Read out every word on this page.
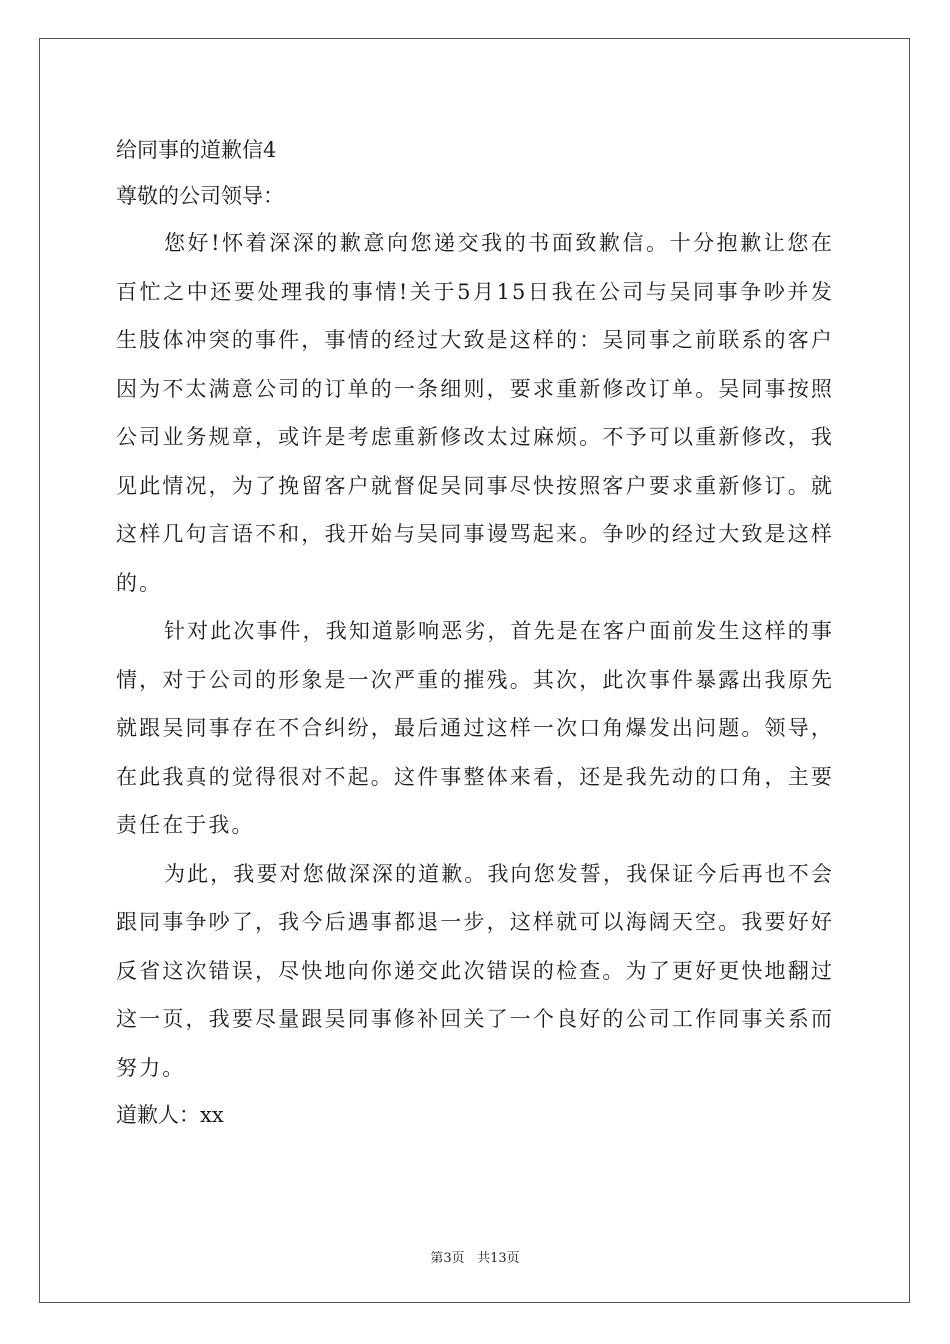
给同事的道歉信4

尊敬的公司领导：

您好!怀着深深的歉意向您递交我的书面致歉信。十分抱歉让您在百忙之中还要处理我的事情!关于5月15日我在公司与吴同事争吵并发生肢体冲突的事件，事情的经过大致是这样的：吴同事之前联系的客户因为不太满意公司的订单的一条细则，要求重新修改订单。吴同事按照公司业务规章，或许是考虑重新修改太过麻烦。不予可以重新修改，我见此情况，为了挽留客户就督促吴同事尽快按照客户要求重新修订。就这样几句言语不和，我开始与吴同事谩骂起来。争吵的经过大致是这样的。

针对此次事件，我知道影响恶劣，首先是在客户面前发生这样的事情，对于公司的形象是一次严重的摧残。其次，此次事件暴露出我原先就跟吴同事存在不合纠纷，最后通过这样一次口角爆发出问题。领导，在此我真的觉得很对不起。这件事整体来看，还是我先动的口角，主要责任在于我。

为此，我要对您做深深的道歉。我向您发誓，我保证今后再也不会跟同事争吵了，我今后遇事都退一步，这样就可以海阔天空。我要好好反省这次错误，尽快地向你递交此次错误的检查。为了更好更快地翻过这一页，我要尽量跟吴同事修补回关了一个良好的公司工作同事关系而努力。

道歉人：xx

第3页 共13页
